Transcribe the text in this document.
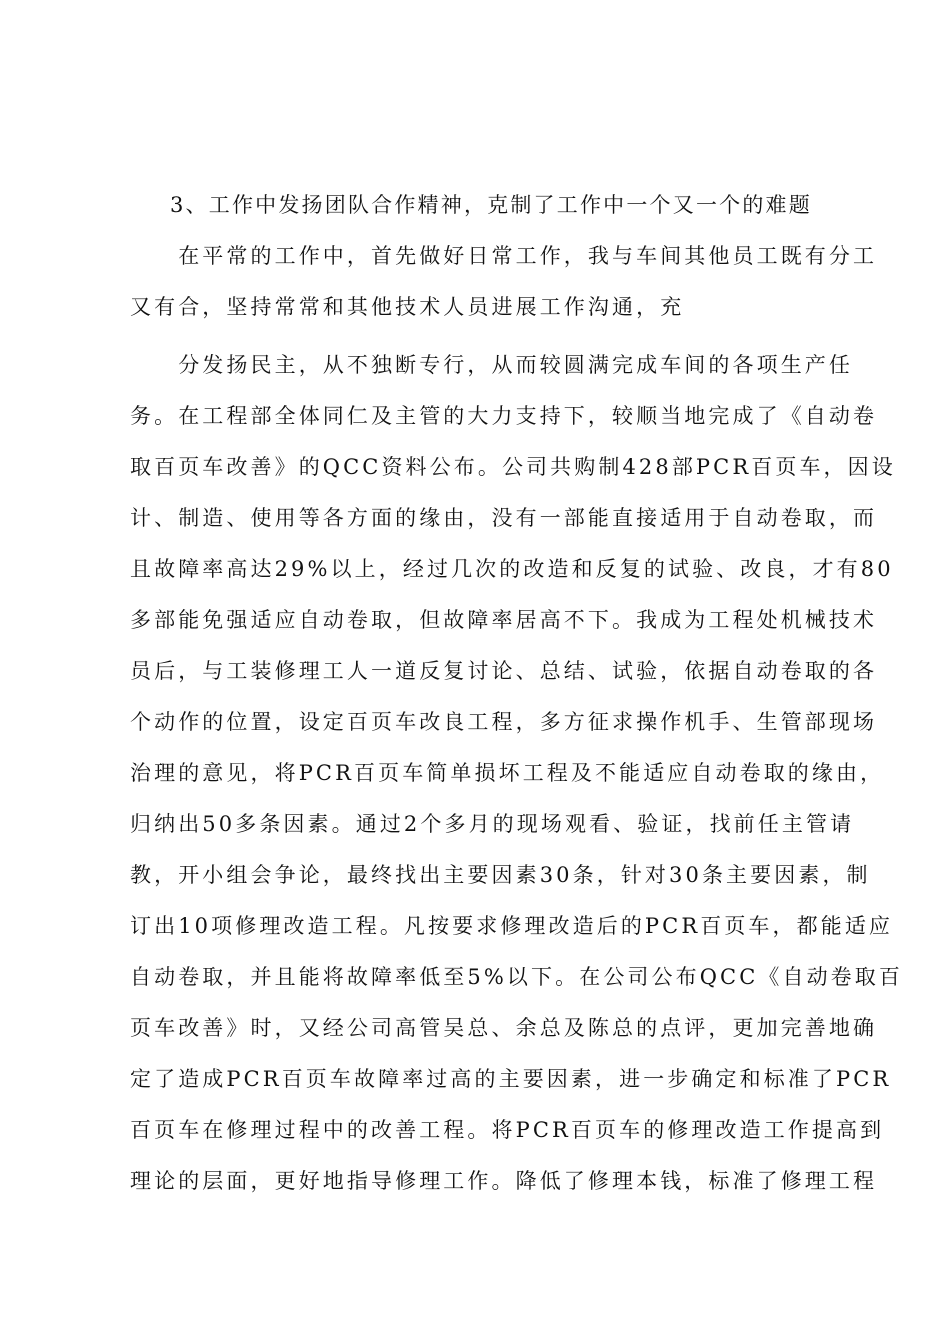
3、工作中发扬团队合作精神，克制了工作中一个又一个的难题
　　在平常的工作中，首先做好日常工作，我与车间其他员工既有分工
又有合，坚持常常和其他技术人员进展工作沟通，充
　　分发扬民主，从不独断专行，从而较圆满完成车间的各项生产任
务。在工程部全体同仁及主管的大力支持下，较顺当地完成了《自动卷
取百页车改善》的QCC资料公布。公司共购制428部PCR百页车，因设
计、制造、使用等各方面的缘由，没有一部能直接适用于自动卷取，而
且故障率高达29%以上，经过几次的改造和反复的试验、改良，才有80
多部能免强适应自动卷取，但故障率居高不下。我成为工程处机械技术
员后，与工装修理工人一道反复讨论、总结、试验，依据自动卷取的各
个动作的位置，设定百页车改良工程，多方征求操作机手、生管部现场
治理的意见，将PCR百页车简单损坏工程及不能适应自动卷取的缘由，
归纳出50多条因素。通过2个多月的现场观看、验证，找前任主管请
教，开小组会争论，最终找出主要因素30条，针对30条主要因素，制
订出10项修理改造工程。凡按要求修理改造后的PCR百页车，都能适应
自动卷取，并且能将故障率低至5%以下。在公司公布QCC《自动卷取百
页车改善》时，又经公司高管吴总、余总及陈总的点评，更加完善地确
定了造成PCR百页车故障率过高的主要因素，进一步确定和标准了PCR
百页车在修理过程中的改善工程。将PCR百页车的修理改造工作提高到
理论的层面，更好地指导修理工作。降低了修理本钱，标准了修理工程
